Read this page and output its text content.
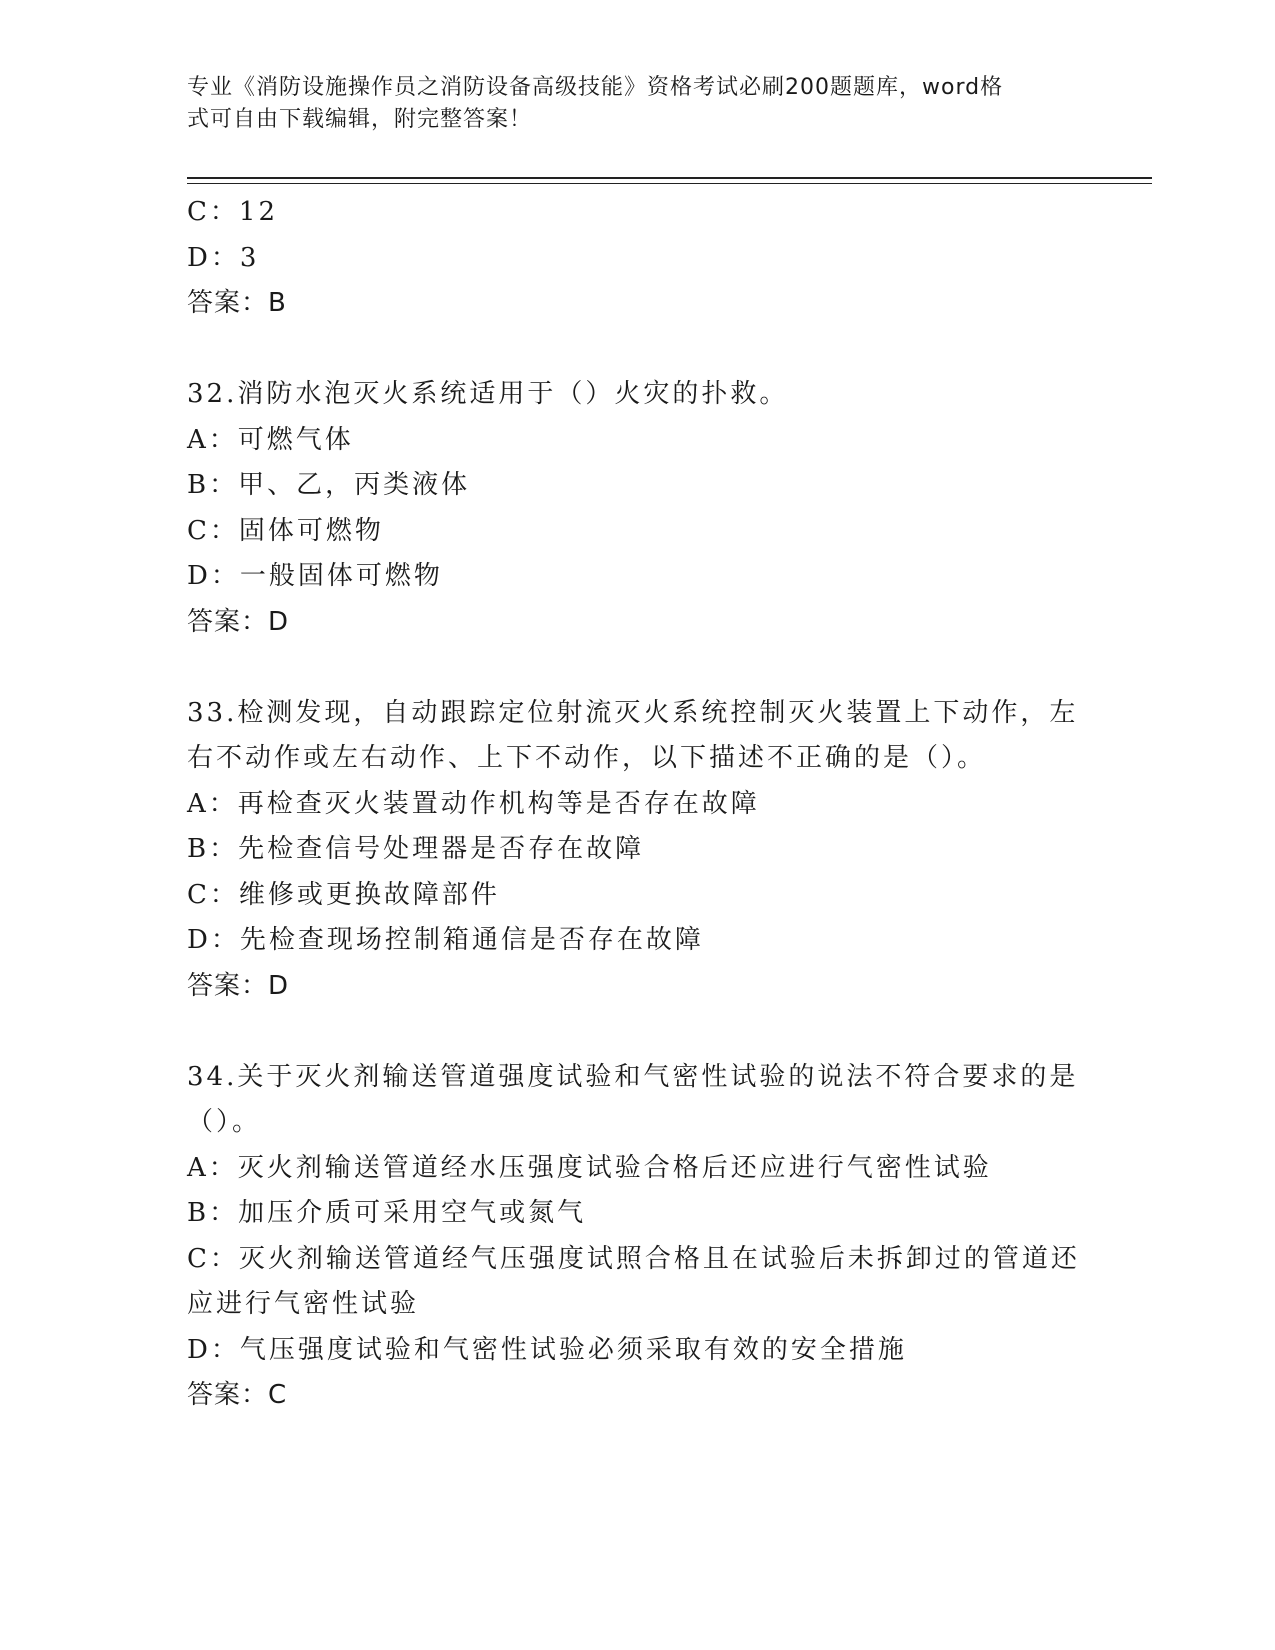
专业《消防设施操作员之消防设备高级技能》资格考试必刷200题题库，word格
式可自由下载编辑，附完整答案！
C：12
D：3
答案：B
32.消防水泡灭火系统适用于（）火灾的扑救。
A：可燃气体
B：甲、乙，丙类液体
C：固体可燃物
D：一般固体可燃物
答案：D
33.检测发现，自动跟踪定位射流灭火系统控制灭火装置上下动作，左
右不动作或左右动作、上下不动作，以下描述不正确的是（）。
A：再检查灭火装置动作机构等是否存在故障
B：先检查信号处理器是否存在故障
C：维修或更换故障部件
D：先检查现场控制箱通信是否存在故障
答案：D
34.关于灭火剂输送管道强度试验和气密性试验的说法不符合要求的是
（）。
A：灭火剂输送管道经水压强度试验合格后还应进行气密性试验
B：加压介质可采用空气或氮气
C：灭火剂输送管道经气压强度试照合格且在试验后未拆卸过的管道还
应进行气密性试验
D：气压强度试验和气密性试验必须采取有效的安全措施
答案：C
